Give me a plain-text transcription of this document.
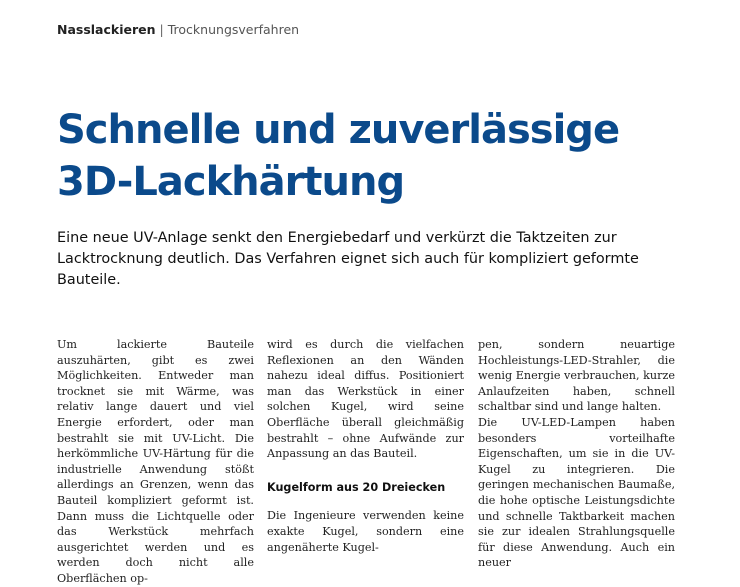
Nasslackieren | Trocknungsverfahren
Schnelle und zuverlässige
3D-Lackhärtung

Eine neue UV-Anlage senkt den Energiebedarf und verkürzt die Taktzeiten zur Lacktrocknung deutlich. Das Verfahren eignet sich auch für kompliziert geformte Bauteile.

Um lackierte Bauteile auszuhärten, gibt es zwei Möglichkeiten. Entweder man trocknet sie mit Wärme, was relativ lange dauert und viel Energie erfordert, oder man bestrahlt sie mit UV-Licht. Die herkömmliche UV-Härtung für die industrielle Anwendung stößt allerdings an Grenzen, wenn das Bauteil kompliziert geformt ist. Dann muss die Lichtquelle oder das Werkstück mehrfach ausgerichtet werden und es werden doch nicht alle Oberflächen op-

wird es durch die vielfachen Reflexionen an den Wänden nahezu ideal diffus. Positioniert man das Werkstück in einer solchen Kugel, wird seine Oberfläche überall gleichmäßig bestrahlt – ohne Aufwände zur Anpassung an das Bauteil.

Kugelform aus 20 Dreiecken

Die Ingenieure verwenden keine exakte Kugel, sondern eine angenäherte Kugel-

pen, sondern neuartige Hochleistungs-LED-Strahler, die wenig Energie verbrauchen, kurze Anlaufzeiten haben, schnell schaltbar sind und lange halten.

Die UV-LED-Lampen haben besonders vorteilhafte Eigenschaften, um sie in die UV-Kugel zu integrieren. Die geringen mechanischen Baumaße, die hohe optische Leistungsdichte und schnelle Taktbarkeit machen sie zur idealen Strahlungsquelle für diese Anwendung. Auch ein neuer
